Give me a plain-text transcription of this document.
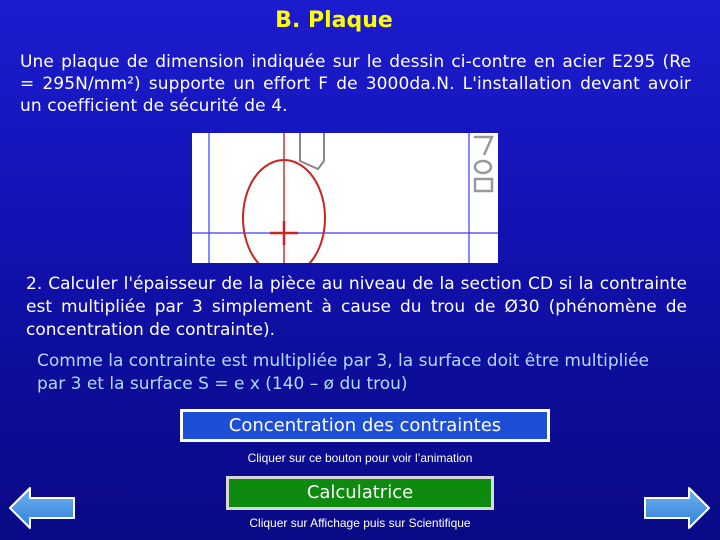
B. Plaque
Une plaque de dimension indiquée sur le dessin ci-contre en acier E295 (Re = 295N/mm²) supporte un effort F de 3000da.N. L'installation devant avoir un coefficient de sécurité de 4.
2. Calculer l'épaisseur de la pièce au niveau de la section CD si la contrainte est multipliée par 3 simplement à cause du trou de Ø30 (phénomène de concentration de contrainte).
Comme la contrainte est multipliée par 3, la surface doit être multipliée par 3 et la surface S = e x (140 – ø du trou)
Concentration des contraintes
Cliquer sur ce bouton pour voir l’animation
Calculatrice
Cliquer sur Affichage puis sur Scientifique
